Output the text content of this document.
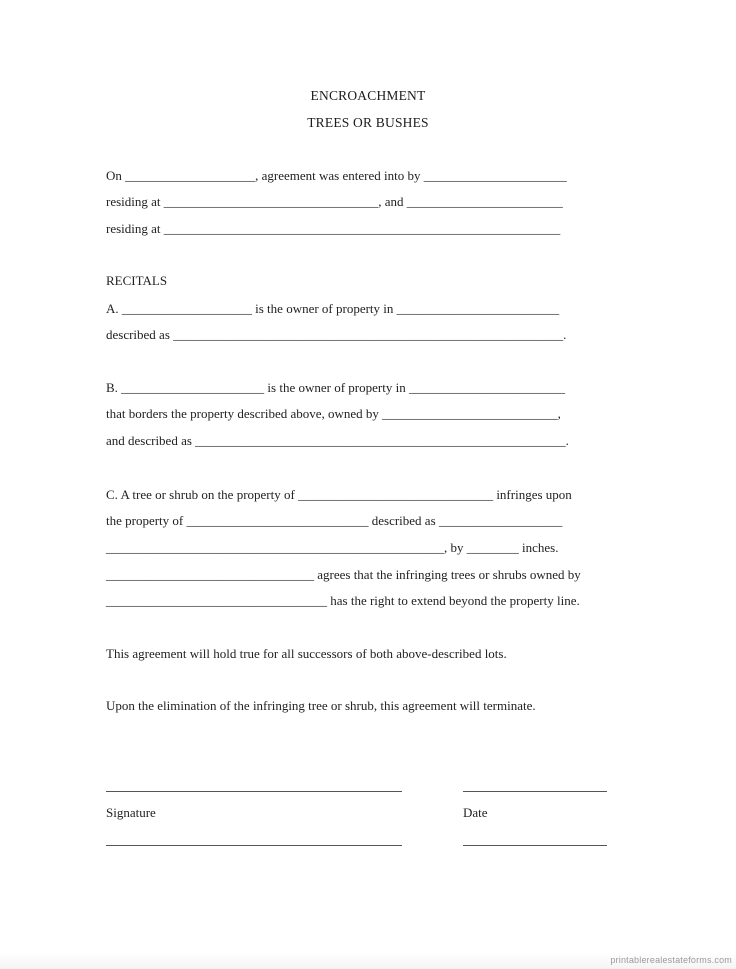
ENCROACHMENT
TREES OR BUSHES
On ____________________, agreement was entered into by ______________________
residing at _________________________________, and ________________________
residing at _____________________________________________________________
RECITALS
A. ____________________ is the owner of property in _________________________
described as ____________________________________________________________.
B. ______________________ is the owner of property in ________________________
that borders the property described above, owned by ___________________________,
and described as _________________________________________________________.
C. A tree or shrub on the property of ______________________________ infringes upon
the property of ____________________________ described as ___________________
____________________________________________________, by ________ inches.
________________________________ agrees that the infringing trees or shrubs owned by
__________________________________ has the right to extend beyond the property line.
This agreement will hold true for all successors of both above-described lots.
Upon the elimination of the infringing tree or shrub, this agreement will terminate.
Signature	Date
printablerealestateforms.com
